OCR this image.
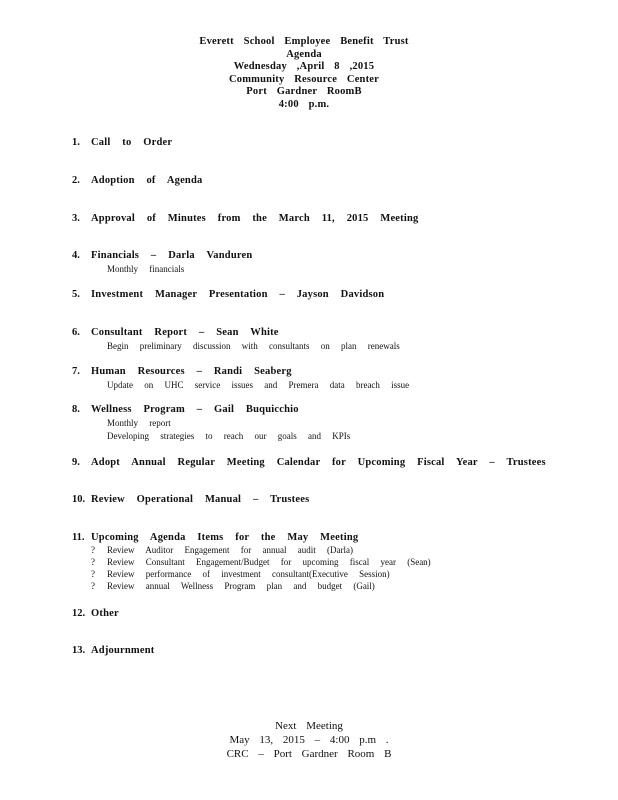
Everett School Employee Benefit Trust
Agenda
Wednesday ,April 8 ,2015
Community Resource Center
Port Gardner RoomB
4:00 p.m.
1. Call to Order
2. Adoption of Agenda
3. Approval of Minutes from the March 11, 2015 Meeting
4. Financials – Darla Vanduren
Monthly financials
5. Investment Manager Presentation – Jayson Davidson
6. Consultant Report – Sean White
Begin preliminary discussion with consultants on plan renewals
7. Human Resources – Randi Seaberg
Update on UHC service issues and Premera data breach issue
8. Wellness Program – Gail Buquicchio
Monthly report
Developing strategies to reach our goals and KPIs
9. Adopt Annual Regular Meeting Calendar for Upcoming Fiscal Year – Trustees
10. Review Operational Manual – Trustees
11. Upcoming Agenda Items for the May Meeting
? Review Auditor Engagement for annual audit (Darla)
? Review Consultant Engagement/Budget for upcoming fiscal year (Sean)
? Review performance of investment consultant(Executive Session)
? Review annual Wellness Program plan and budget (Gail)
12. Other
13. Adjournment
Next Meeting
May 13, 2015 – 4:00 p.m .
CRC – Port Gardner Room B
